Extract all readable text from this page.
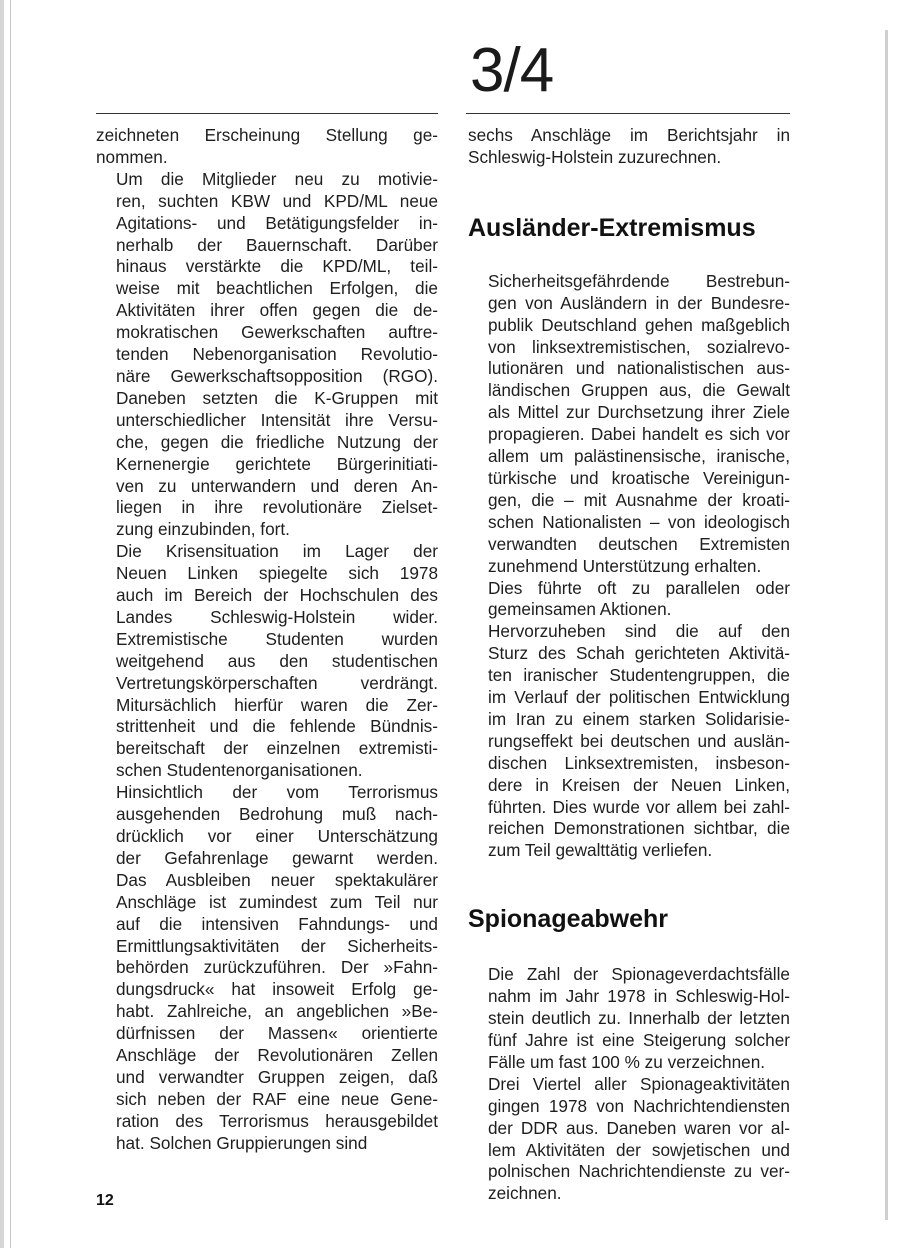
3/4

zeichneten Erscheinung Stellung ge-
nommen.

Um die Mitglieder neu zu motivie-
ren, suchten KBW und KPD/ML neue
Agitations- und Betätigungsfelder in-
nerhalb der Bauernschaft. Darüber
hinaus verstärkte die KPD/ML, teil-
weise mit beachtlichen Erfolgen, die
Aktivitäten ihrer offen gegen die de-
mokratischen Gewerkschaften auftre-
tenden Nebenorganisation Revolutio-
näre Gewerkschaftsopposition (RGO).
Daneben setzten die K-Gruppen mit
unterschiedlicher Intensität ihre Versu-
che, gegen die friedliche Nutzung der
Kernenergie gerichtete Bürgerinitiati-
ven zu unterwandern und deren An-
liegen in ihre revolutionäre Zielset-
zung einzubinden, fort.

Die Krisensituation im Lager der
Neuen Linken spiegelte sich 1978
auch im Bereich der Hochschulen des
Landes Schleswig-Holstein wider.
Extremistische Studenten wurden
weitgehend aus den studentischen
Vertretungskörperschaften verdrängt.
Mitursächlich hierfür waren die Zer-
strittenheit und die fehlende Bündnis-
bereitschaft der einzelnen extremisti-
schen Studentenorganisationen.

Hinsichtlich der vom Terrorismus
ausgehenden Bedrohung muß nach-
drücklich vor einer Unterschätzung
der Gefahrenlage gewarnt werden.
Das Ausbleiben neuer spektakulärer
Anschläge ist zumindest zum Teil nur
auf die intensiven Fahndungs- und
Ermittlungsaktivitäten der Sicherheits-
behörden zurückzuführen. Der »Fahn-
dungsdruck« hat insoweit Erfolg ge-
habt. Zahlreiche, an angeblichen »Be-
dürfnissen der Massen« orientierte
Anschläge der Revolutionären Zellen
und verwandter Gruppen zeigen, daß
sich neben der RAF eine neue Gene-
ration des Terrorismus herausgebildet
hat. Solchen Gruppierungen sind

sechs Anschläge im Berichtsjahr in
Schleswig-Holstein zuzurechnen.

Ausländer-Extremismus

Sicherheitsgefährdende Bestrebun-
gen von Ausländern in der Bundesre-
publik Deutschland gehen maßgeblich
von linksextremistischen, sozialrevo-
lutionären und nationalistischen aus-
ländischen Gruppen aus, die Gewalt
als Mittel zur Durchsetzung ihrer Ziele
propagieren. Dabei handelt es sich vor
allem um palästinensische, iranische,
türkische und kroatische Vereinigun-
gen, die – mit Ausnahme der kroati-
schen Nationalisten – von ideologisch
verwandten deutschen Extremisten
zunehmend Unterstützung erhalten.

Dies führte oft zu parallelen oder
gemeinsamen Aktionen.

Hervorzuheben sind die auf den
Sturz des Schah gerichteten Aktivitä-
ten iranischer Studentengruppen, die
im Verlauf der politischen Entwicklung
im Iran zu einem starken Solidarisie-
rungseffekt bei deutschen und auslän-
dischen Linksextremisten, insbeson-
dere in Kreisen der Neuen Linken,
führten. Dies wurde vor allem bei zahl-
reichen Demonstrationen sichtbar, die
zum Teil gewalttätig verliefen.

Spionageabwehr

Die Zahl der Spionageverdachtsfälle
nahm im Jahr 1978 in Schleswig-Hol-
stein deutlich zu. Innerhalb der letzten
fünf Jahre ist eine Steigerung solcher
Fälle um fast 100 % zu verzeichnen.

Drei Viertel aller Spionageaktivitäten
gingen 1978 von Nachrichtendiensten
der DDR aus. Daneben waren vor al-
lem Aktivitäten der sowjetischen und
polnischen Nachrichtendienste zu ver-
zeichnen.

12
